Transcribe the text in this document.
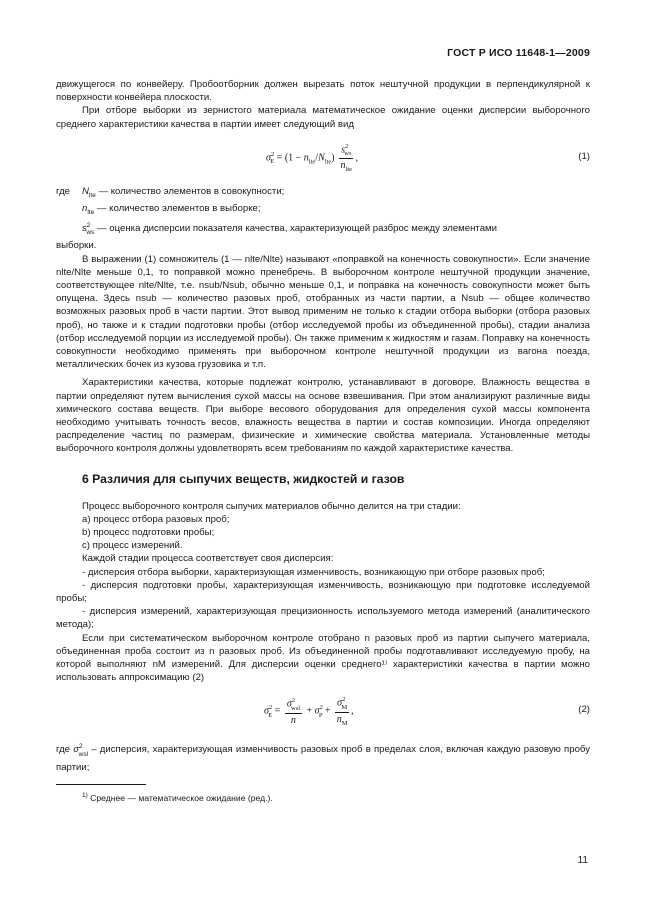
ГОСТ Р ИСО 11648-1—2009

движущегося по конвейеру. Пробоотборник должен вырезать поток нештучной продукции в перпендикулярной к поверхности конвейера плоскости.

При отборе выборки из зернистого материала математическое ожидание оценки дисперсии выборочного среднего характеристики качества в партии имеет следующий вид

$\sigma^2_E = (1 - n_{lte}/N_{lte}) \frac{s^2_{ws}}{n_{lte}}$ ,	(1)
где	$N_{lte}$ — количество элементов в совокупности;
$n_{lte}$ — количество элементов в выборке;
$s^2_{ws}$ — оценка дисперсии показателя качества, характеризующей разброс между элементами
выборки.

В выражении (1) сомножитель (1 — nlte/Nlte) называют «поправкой на конечность совокупности». Если значение nlte/Nlte меньше 0,1, то поправкой можно пренебречь. В выборочном контроле нештучной продукции значение, соответствующее nlte/Nlte, т.е. nsub/Nsub, обычно меньше 0,1, и поправка на конечность совокупности может быть опущена. Здесь nsub — количество разовых проб, отобранных из части партии, а Nsub — общее количество возможных разовых проб в части партии. Этот вывод применим не только к стадии отбора выборки (отбора разовых проб), но также и к стадии подготовки пробы (отбор исследуемой пробы из объединенной пробы), стадии анализа (отбор исследуемой порции из исследуемой пробы). Он также применим к жидкостям и газам. Поправку на конечность совокупности необходимо применять при выборочном контроле нештучной продукции из вагона поезда, металлических бочек из кузова грузовика и т.п.

Характеристики качества, которые подлежат контролю, устанавливают в договоре. Влажность вещества в партии определяют путем вычисления сухой массы на основе взвешивания. При этом анализируют различные виды химического состава веществ. При выборе весового оборудования для определения сухой массы компонента необходимо учитывать точность весов, влажность вещества в партии и состав композиции. Иногда определяют распределение частиц по размерам, физические и химические свойства материала. Установленные методы выборочного контроля должны удовлетворять всем требованиям по каждой характеристике качества.

6 Различия для сыпучих веществ, жидкостей и газов

Процесс выборочного контроля сыпучих материалов обычно делится на три стадии:

а) процесс отбора разовых проб;

b) процесс подготовки пробы;

с) процесс измерений.

Каждой стадии процесса соответствует своя дисперсия:

- дисперсия отбора выборки, характеризующая изменчивость, возникающую при отборе разовых проб;

- дисперсия подготовки пробы, характеризующая изменчивость, возникающую при подготовке исследуемой пробы;

- дисперсия измерений, характеризующая прецизионность используемого метода измерений (аналитического метода);

Если при систематическом выборочном контроле отобрано n разовых проб из партии сыпучего материала, объединенная проба состоит из n разовых проб. Из объединенной пробы подготавливают исследуемую пробу, на которой выполняют nM измерений. Для дисперсии оценки среднего¹⁾ характеристики качества в партии можно использовать аппроксимацию (2)

$\sigma^2_E = \frac{\sigma^2_{wsl}}{n} + \sigma^2_P + \frac{\sigma^2_M}{n_M}$ ,	(2)

где $\sigma^2_{wsl}$ – дисперсия, характеризующая изменчивость разовых проб в пределах слоя, включая каждую разовую пробу партии;

$^{1)}$ Среднее — математическое ожидание (ред.).
11
